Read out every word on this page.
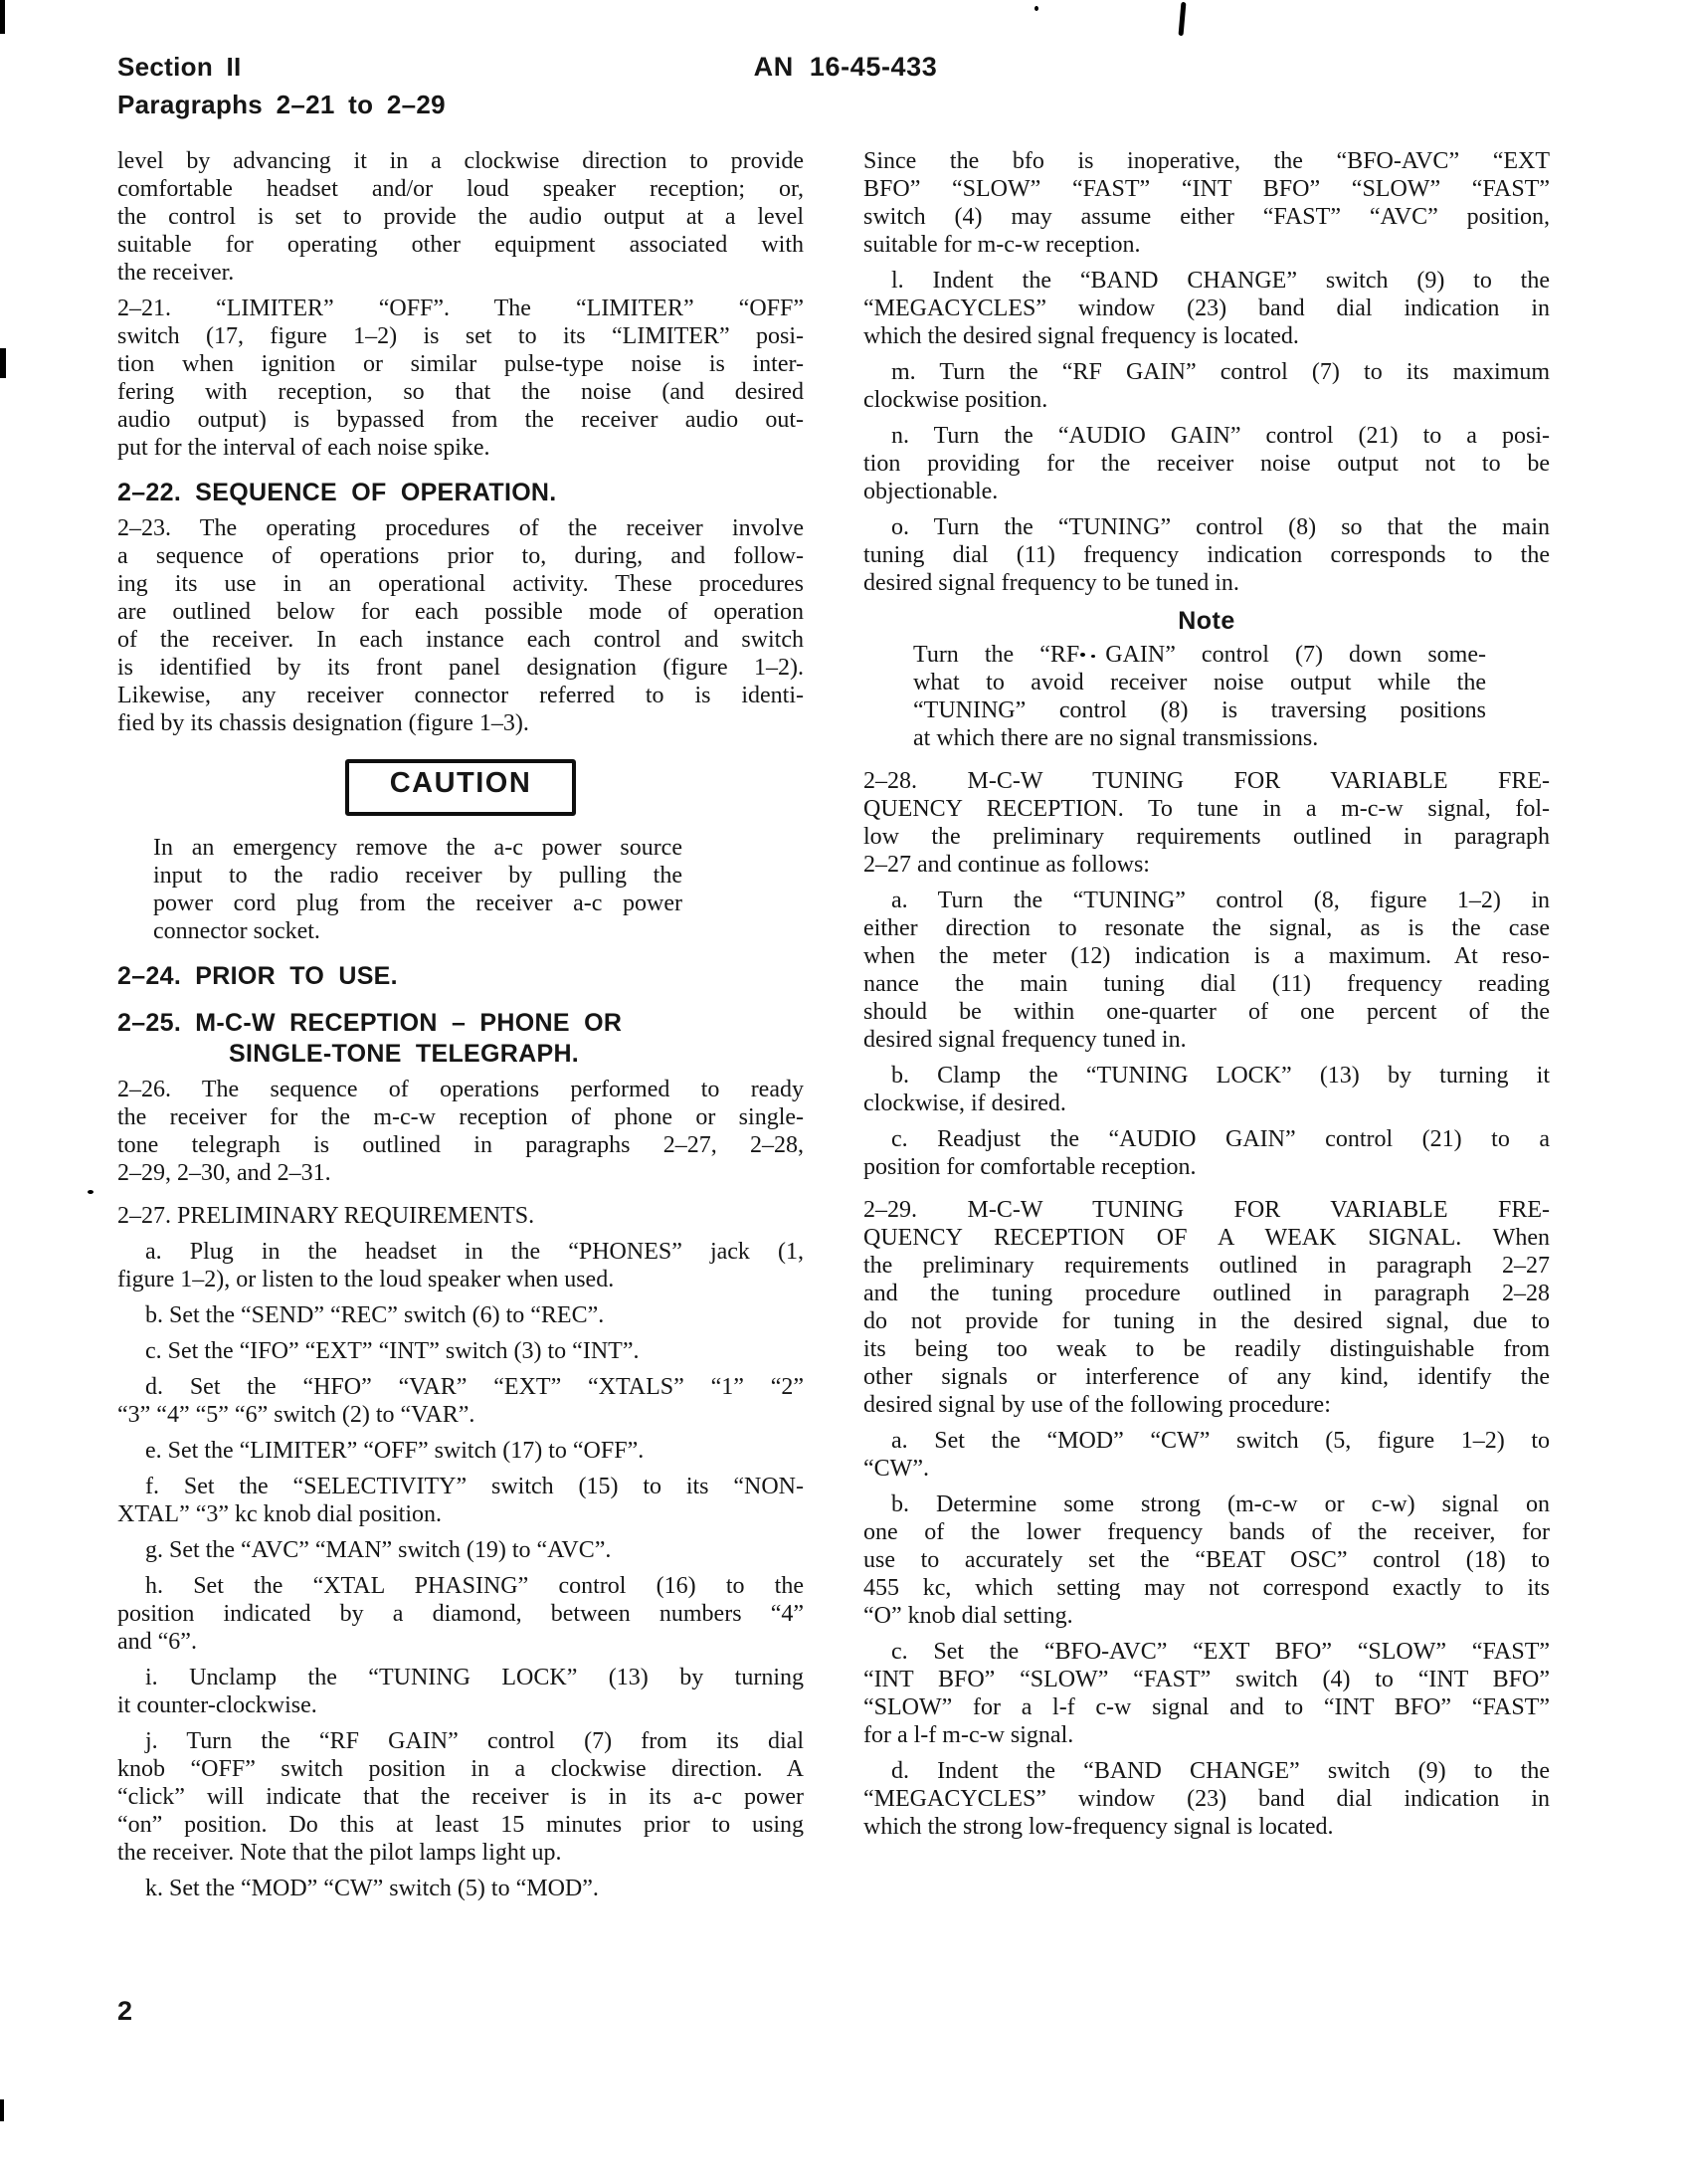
Section II
Paragraphs 2–21 to 2–29
AN 16-45-433
level by advancing it in a clockwise direction to provide
comfortable headset and/or loud speaker reception; or,
the control is set to provide the audio output at a level
suitable for operating other equipment associated with
the receiver.
2–21. “LIMITER” “OFF”. The “LIMITER” “OFF”
switch (17, figure 1–2) is set to its “LIMITER” posi-
tion when ignition or similar pulse-type noise is inter-
fering with reception, so that the noise (and desired
audio output) is bypassed from the receiver audio out-
put for the interval of each noise spike.
2–22. SEQUENCE OF OPERATION.
2–23. The operating procedures of the receiver involve
a sequence of operations prior to, during, and follow-
ing its use in an operational activity. These procedures
are outlined below for each possible mode of operation
of the receiver. In each instance each control and switch
is identified by its front panel designation (figure 1–2).
Likewise, any receiver connector referred to is identi-
fied by its chassis designation (figure 1–3).
CAUTION
In an emergency remove the a-c power source
input to the radio receiver by pulling the
power cord plug from the receiver a-c power
connector socket.
2–24. PRIOR TO USE.
2–25. M-C-W RECEPTION – PHONE OR
SINGLE-TONE TELEGRAPH.
2–26. The sequence of operations performed to ready
the receiver for the m-c-w reception of phone or single-
tone telegraph is outlined in paragraphs 2–27, 2–28,
2–29, 2–30, and 2–31.
2–27. PRELIMINARY REQUIREMENTS.
a. Plug in the headset in the “PHONES” jack (1,
figure 1–2), or listen to the loud speaker when used.
b. Set the “SEND” “REC” switch (6) to “REC”.
c. Set the “IFO” “EXT” “INT” switch (3) to “INT”.
d. Set the “HFO” “VAR” “EXT” “XTALS” “1” “2”
“3” “4” “5” “6” switch (2) to “VAR”.
e. Set the “LIMITER” “OFF” switch (17) to “OFF”.
f. Set the “SELECTIVITY” switch (15) to its “NON-
XTAL” “3” kc knob dial position.
g. Set the “AVC” “MAN” switch (19) to “AVC”.
h. Set the “XTAL PHASING” control (16) to the
position indicated by a diamond, between numbers “4”
and “6”.
i. Unclamp the “TUNING LOCK” (13) by turning
it counter-clockwise.
j. Turn the “RF GAIN” control (7) from its dial
knob “OFF” switch position in a clockwise direction. A
“click” will indicate that the receiver is in its a-c power
“on” position. Do this at least 15 minutes prior to using
the receiver. Note that the pilot lamps light up.
k. Set the “MOD” “CW” switch (5) to “MOD”.
Since the bfo is inoperative, the “BFO-AVC” “EXT
BFO” “SLOW” “FAST” “INT BFO” “SLOW” “FAST”
switch (4) may assume either “FAST” “AVC” position,
suitable for m-c-w reception.
l. Indent the “BAND CHANGE” switch (9) to the
“MEGACYCLES” window (23) band dial indication in
which the desired signal frequency is located.
m. Turn the “RF GAIN” control (7) to its maximum
clockwise position.
n. Turn the “AUDIO GAIN” control (21) to a posi-
tion providing for the receiver noise output not to be
objectionable.
o. Turn the “TUNING” control (8) so that the main
tuning dial (11) frequency indication corresponds to the
desired signal frequency to be tuned in.
Note
Turn the “RF GAIN” control (7) down some-
what to avoid receiver noise output while the
“TUNING” control (8) is traversing positions
at which there are no signal transmissions.
2–28. M-C-W TUNING FOR VARIABLE FRE-
QUENCY RECEPTION. To tune in a m-c-w signal, fol-
low the preliminary requirements outlined in paragraph
2–27 and continue as follows:
a. Turn the “TUNING” control (8, figure 1–2) in
either direction to resonate the signal, as is the case
when the meter (12) indication is a maximum. At reso-
nance the main tuning dial (11) frequency reading
should be within one-quarter of one percent of the
desired signal frequency tuned in.
b. Clamp the “TUNING LOCK” (13) by turning it
clockwise, if desired.
c. Readjust the “AUDIO GAIN” control (21) to a
position for comfortable reception.
2–29. M-C-W TUNING FOR VARIABLE FRE-
QUENCY RECEPTION OF A WEAK SIGNAL. When
the preliminary requirements outlined in paragraph 2–27
and the tuning procedure outlined in paragraph 2–28
do not provide for tuning in the desired signal, due to
its being too weak to be readily distinguishable from
other signals or interference of any kind, identify the
desired signal by use of the following procedure:
a. Set the “MOD” “CW” switch (5, figure 1–2) to
“CW”.
b. Determine some strong (m-c-w or c-w) signal on
one of the lower frequency bands of the receiver, for
use to accurately set the “BEAT OSC” control (18) to
455 kc, which setting may not correspond exactly to its
“O” knob dial setting.
c. Set the “BFO-AVC” “EXT BFO” “SLOW” “FAST”
“INT BFO” “SLOW” “FAST” switch (4) to “INT BFO”
“SLOW” for a l-f c-w signal and to “INT BFO” “FAST”
for a l-f m-c-w signal.
d. Indent the “BAND CHANGE” switch (9) to the
“MEGACYCLES” window (23) band dial indication in
which the strong low-frequency signal is located.
2
